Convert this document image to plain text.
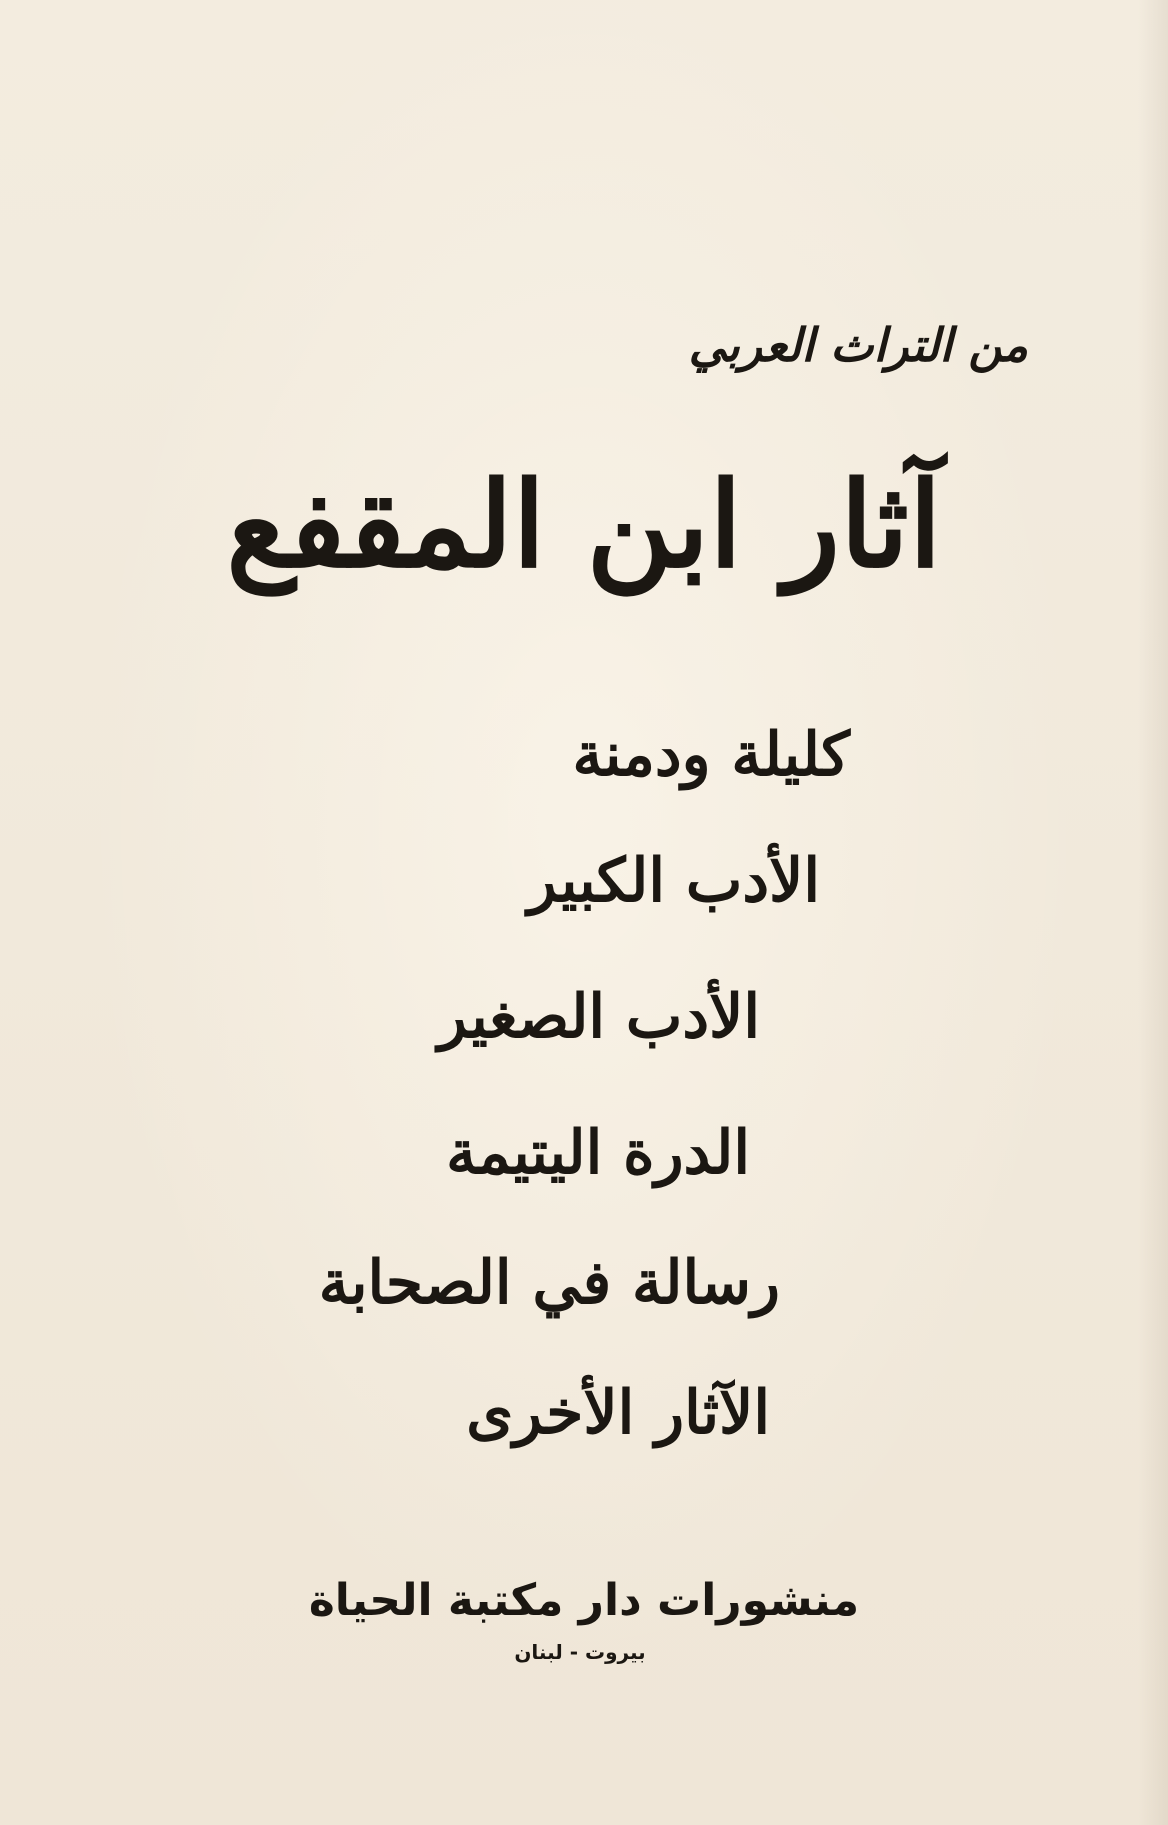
من التراث العربي
آثار ابن المقفع
كليلة ودمنة
الأدب الكبير
الأدب الصغير
الدرة اليتيمة
رسالة في الصحابة
الآثار الأخرى
منشورات دار مكتبة الحياة
بيروت - لبنان
